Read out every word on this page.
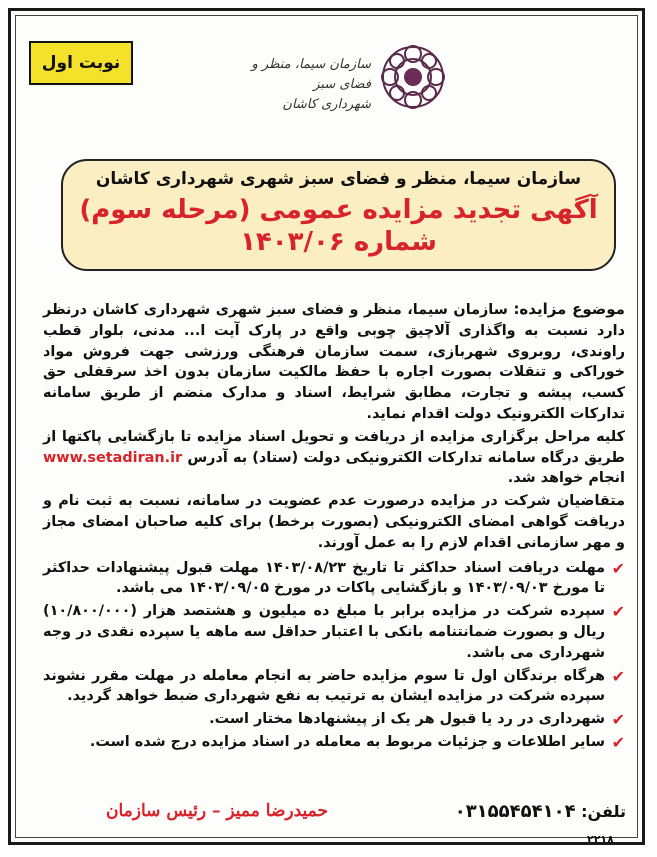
نوبت اول	سازمان سیما، منظر و فضای سبز
شهرداری کاشان
سازمان سیما، منظر و فضای سبز شهری شهرداری کاشان
آگهی تجدید مزایده عمومی (مرحله سوم)
شماره ۱۴۰۳/۰۶

موضوع مزایده: سازمان سیما، منظر و فضای سبز شهری شهرداری کاشان درنظر دارد نسبت به واگذاری آلاچیق چوبی واقع در پارک آیت ا... مدنی، بلوار قطب راوندی، روبروی شهربازی، سمت سازمان فرهنگی ورزشی جهت فروش مواد خوراکی و تنقلات بصورت اجاره با حفظ مالکیت سازمان بدون اخذ سرقفلی حق کسب، پیشه و تجارت، مطابق شرایط، اسناد و مدارک منضم از طریق سامانه تدارکات الکترونیک دولت اقدام نماید.

کلیه مراحل برگزاری مزایده از دریافت و تحویل اسناد مزایده تا بازگشایی پاکتها از طریق درگاه سامانه تدارکات الکترونیکی دولت (ستاد) به آدرس www.setadiran.ir انجام خواهد شد.

متقاضیان شرکت در مزایده درصورت عدم عضویت در سامانه، نسبت به ثبت نام و دریافت گواهی امضای الکترونیکی (بصورت برخط) برای کلیه صاحبان امضای مجاز و مهر سازمانی اقدام لازم را به عمل آورند.

✔
مهلت دریافت اسناد حداکثر تا تاریخ ۱۴۰۳/۰۸/۲۳ مهلت قبول پیشنهادات حداکثر تا مورخ ۱۴۰۳/۰۹/۰۳ و بازگشایی پاکات در مورخ ۱۴۰۳/۰۹/۰۵ می باشد.
✔
سپرده شرکت در مزایده برابر با مبلغ ده میلیون و هشتصد هزار (۱۰/۸۰۰/۰۰۰) ریال و بصورت ضمانتنامه بانکی با اعتبار حداقل سه ماهه یا سپرده نقدی در وجه شهرداری می باشد.
✔
هرگاه برندگان اول تا سوم مزایده حاضر به انجام معامله در مهلت مقرر نشوند سپرده شرکت در مزایده ایشان به ترتیب به نفع شهرداری ضبط خواهد گردید.
✔
شهرداری در رد یا قبول هر یک از پیشنهادها مختار است.
✔
سایر اطلاعات و جزئیات مربوط به معامله در اسناد مزایده درج شده است.
تلفن: ۰۳۱۵۵۴۵۴۱۰۴
حمیدرضا ممیز – رئیس سازمان
۲۲۱۸
